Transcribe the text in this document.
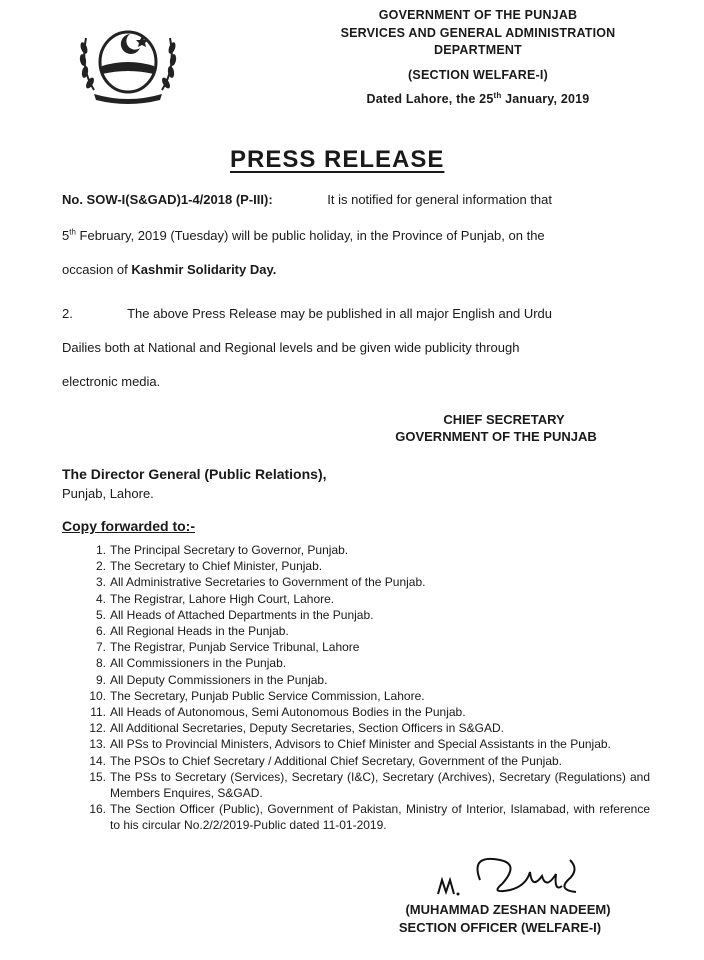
GOVERNMENT OF THE PUNJAB
SERVICES AND GENERAL ADMINISTRATION
DEPARTMENT
(SECTION WELFARE-I)
Dated Lahore, the 25th January, 2019
PRESS RELEASE
No. SOW-I(S&GAD)1-4/2018 (P-III):	It is notified for general information that
5th February, 2019 (Tuesday) will be public holiday, in the Province of Punjab, on the
occasion of Kashmir Solidarity Day.
2.	The above Press Release may be published in all major English and Urdu
Dailies both at National and Regional levels and be given wide publicity through
electronic media.
CHIEF SECRETARY
GOVERNMENT OF THE PUNJAB
The Director General (Public Relations),
Punjab, Lahore.
Copy forwarded to:-
1. The Principal Secretary to Governor, Punjab.
2. The Secretary to Chief Minister, Punjab.
3. All Administrative Secretaries to Government of the Punjab.
4. The Registrar, Lahore High Court, Lahore.
5. All Heads of Attached Departments in the Punjab.
6. All Regional Heads in the Punjab.
7. The Registrar, Punjab Service Tribunal, Lahore
8. All Commissioners in the Punjab.
9. All Deputy Commissioners in the Punjab.
10. The Secretary, Punjab Public Service Commission, Lahore.
11. All Heads of Autonomous, Semi Autonomous Bodies in the Punjab.
12. All Additional Secretaries, Deputy Secretaries, Section Officers in S&GAD.
13. All PSs to Provincial Ministers, Advisors to Chief Minister and Special Assistants in the Punjab.
14. The PSOs to Chief Secretary / Additional Chief Secretary, Government of the Punjab.
15. The PSs to Secretary (Services), Secretary (I&C), Secretary (Archives), Secretary (Regulations) and Members Enquires, S&GAD.
16. The Section Officer (Public), Government of Pakistan, Ministry of Interior, Islamabad, with reference to his circular No.2/2/2019-Public dated 11-01-2019.
(MUHAMMAD ZESHAN NADEEM)
SECTION OFFICER (WELFARE-I)
